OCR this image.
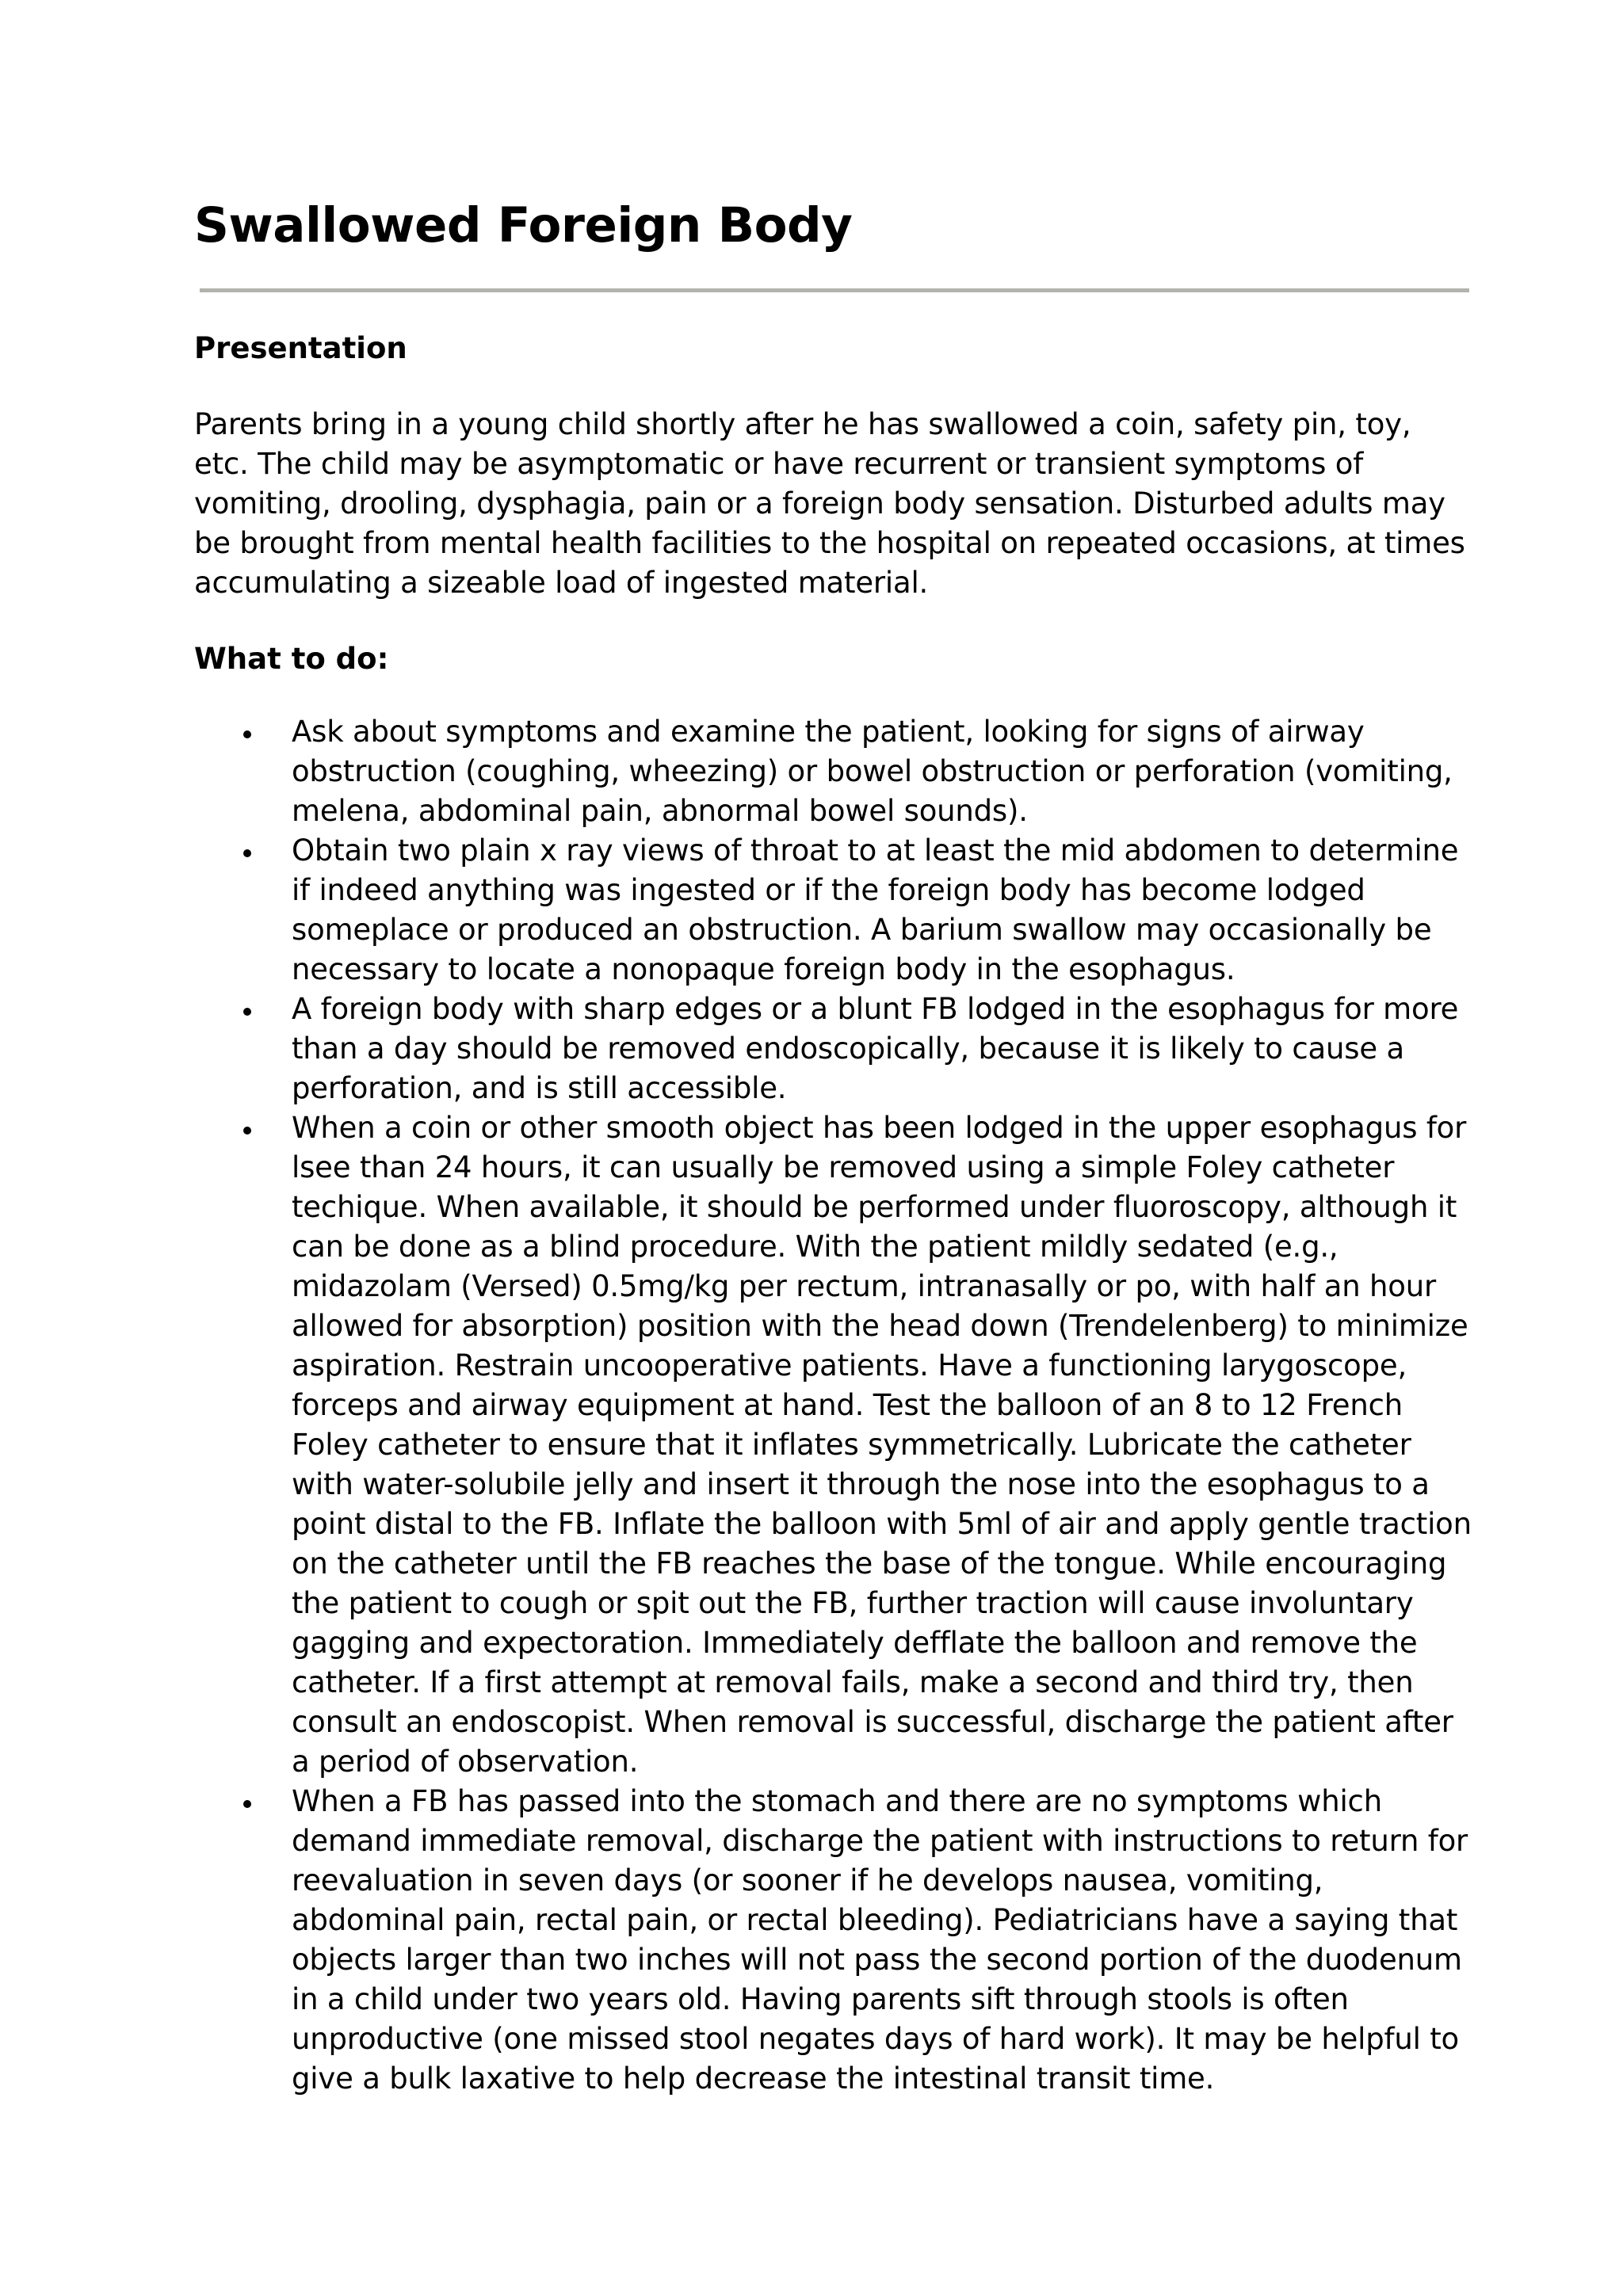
Swallowed Foreign Body
Presentation

Parents bring in a young child shortly after he has swallowed a coin, safety pin, toy, etc. The child may be asymptomatic or have recurrent or transient symptoms of vomiting, drooling, dysphagia, pain or a foreign body sensation. Disturbed adults may be brought from mental health facilities to the hospital on repeated occasions, at times accumulating a sizeable load of ingested material.

What to do:
Ask about symptoms and examine the patient, looking for signs of airway obstruction (coughing, wheezing) or bowel obstruction or perforation (vomiting, melena, abdominal pain, abnormal bowel sounds).
Obtain two plain x ray views of throat to at least the mid abdomen to determine if indeed anything was ingested or if the foreign body has become lodged someplace or produced an obstruction. A barium swallow may occasionally be necessary to locate a nonopaque foreign body in the esophagus.
A foreign body with sharp edges or a blunt FB lodged in the esophagus for more than a day should be removed endoscopically, because it is likely to cause a perforation, and is still accessible.
When a coin or other smooth object has been lodged in the upper esophagus for lsee than 24 hours, it can usually be removed using a simple Foley catheter techique. When available, it should be performed under fluoroscopy, although it can be done as a blind procedure. With the patient mildly sedated (e.g., midazolam (Versed) 0.5mg/kg per rectum, intranasally or po, with half an hour allowed for absorption) position with the head down (Trendelenberg) to minimize aspiration. Restrain uncooperative patients. Have a functioning larygoscope, forceps and airway equipment at hand. Test the balloon of an 8 to 12 French Foley catheter to ensure that it inflates symmetrically. Lubricate the catheter with water-solubile jelly and insert it through the nose into the esophagus to a point distal to the FB. Inflate the balloon with 5ml of air and apply gentle traction on the catheter until the FB reaches the base of the tongue. While encouraging the patient to cough or spit out the FB, further traction will cause involuntary gagging and expectoration. Immediately defflate the balloon and remove the catheter. If a first attempt at removal fails, make a second and third try, then consult an endoscopist. When removal is successful, discharge the patient after a period of observation.
When a FB has passed into the stomach and there are no symptoms which demand immediate removal, discharge the patient with instructions to return for reevaluation in seven days (or sooner if he develops nausea, vomiting, abdominal pain, rectal pain, or rectal bleeding). Pediatricians have a saying that objects larger than two inches will not pass the second portion of the duodenum in a child under two years old. Having parents sift through stools is often unproductive (one missed stool negates days of hard work). It may be helpful to give a bulk laxative to help decrease the intestinal transit time.
